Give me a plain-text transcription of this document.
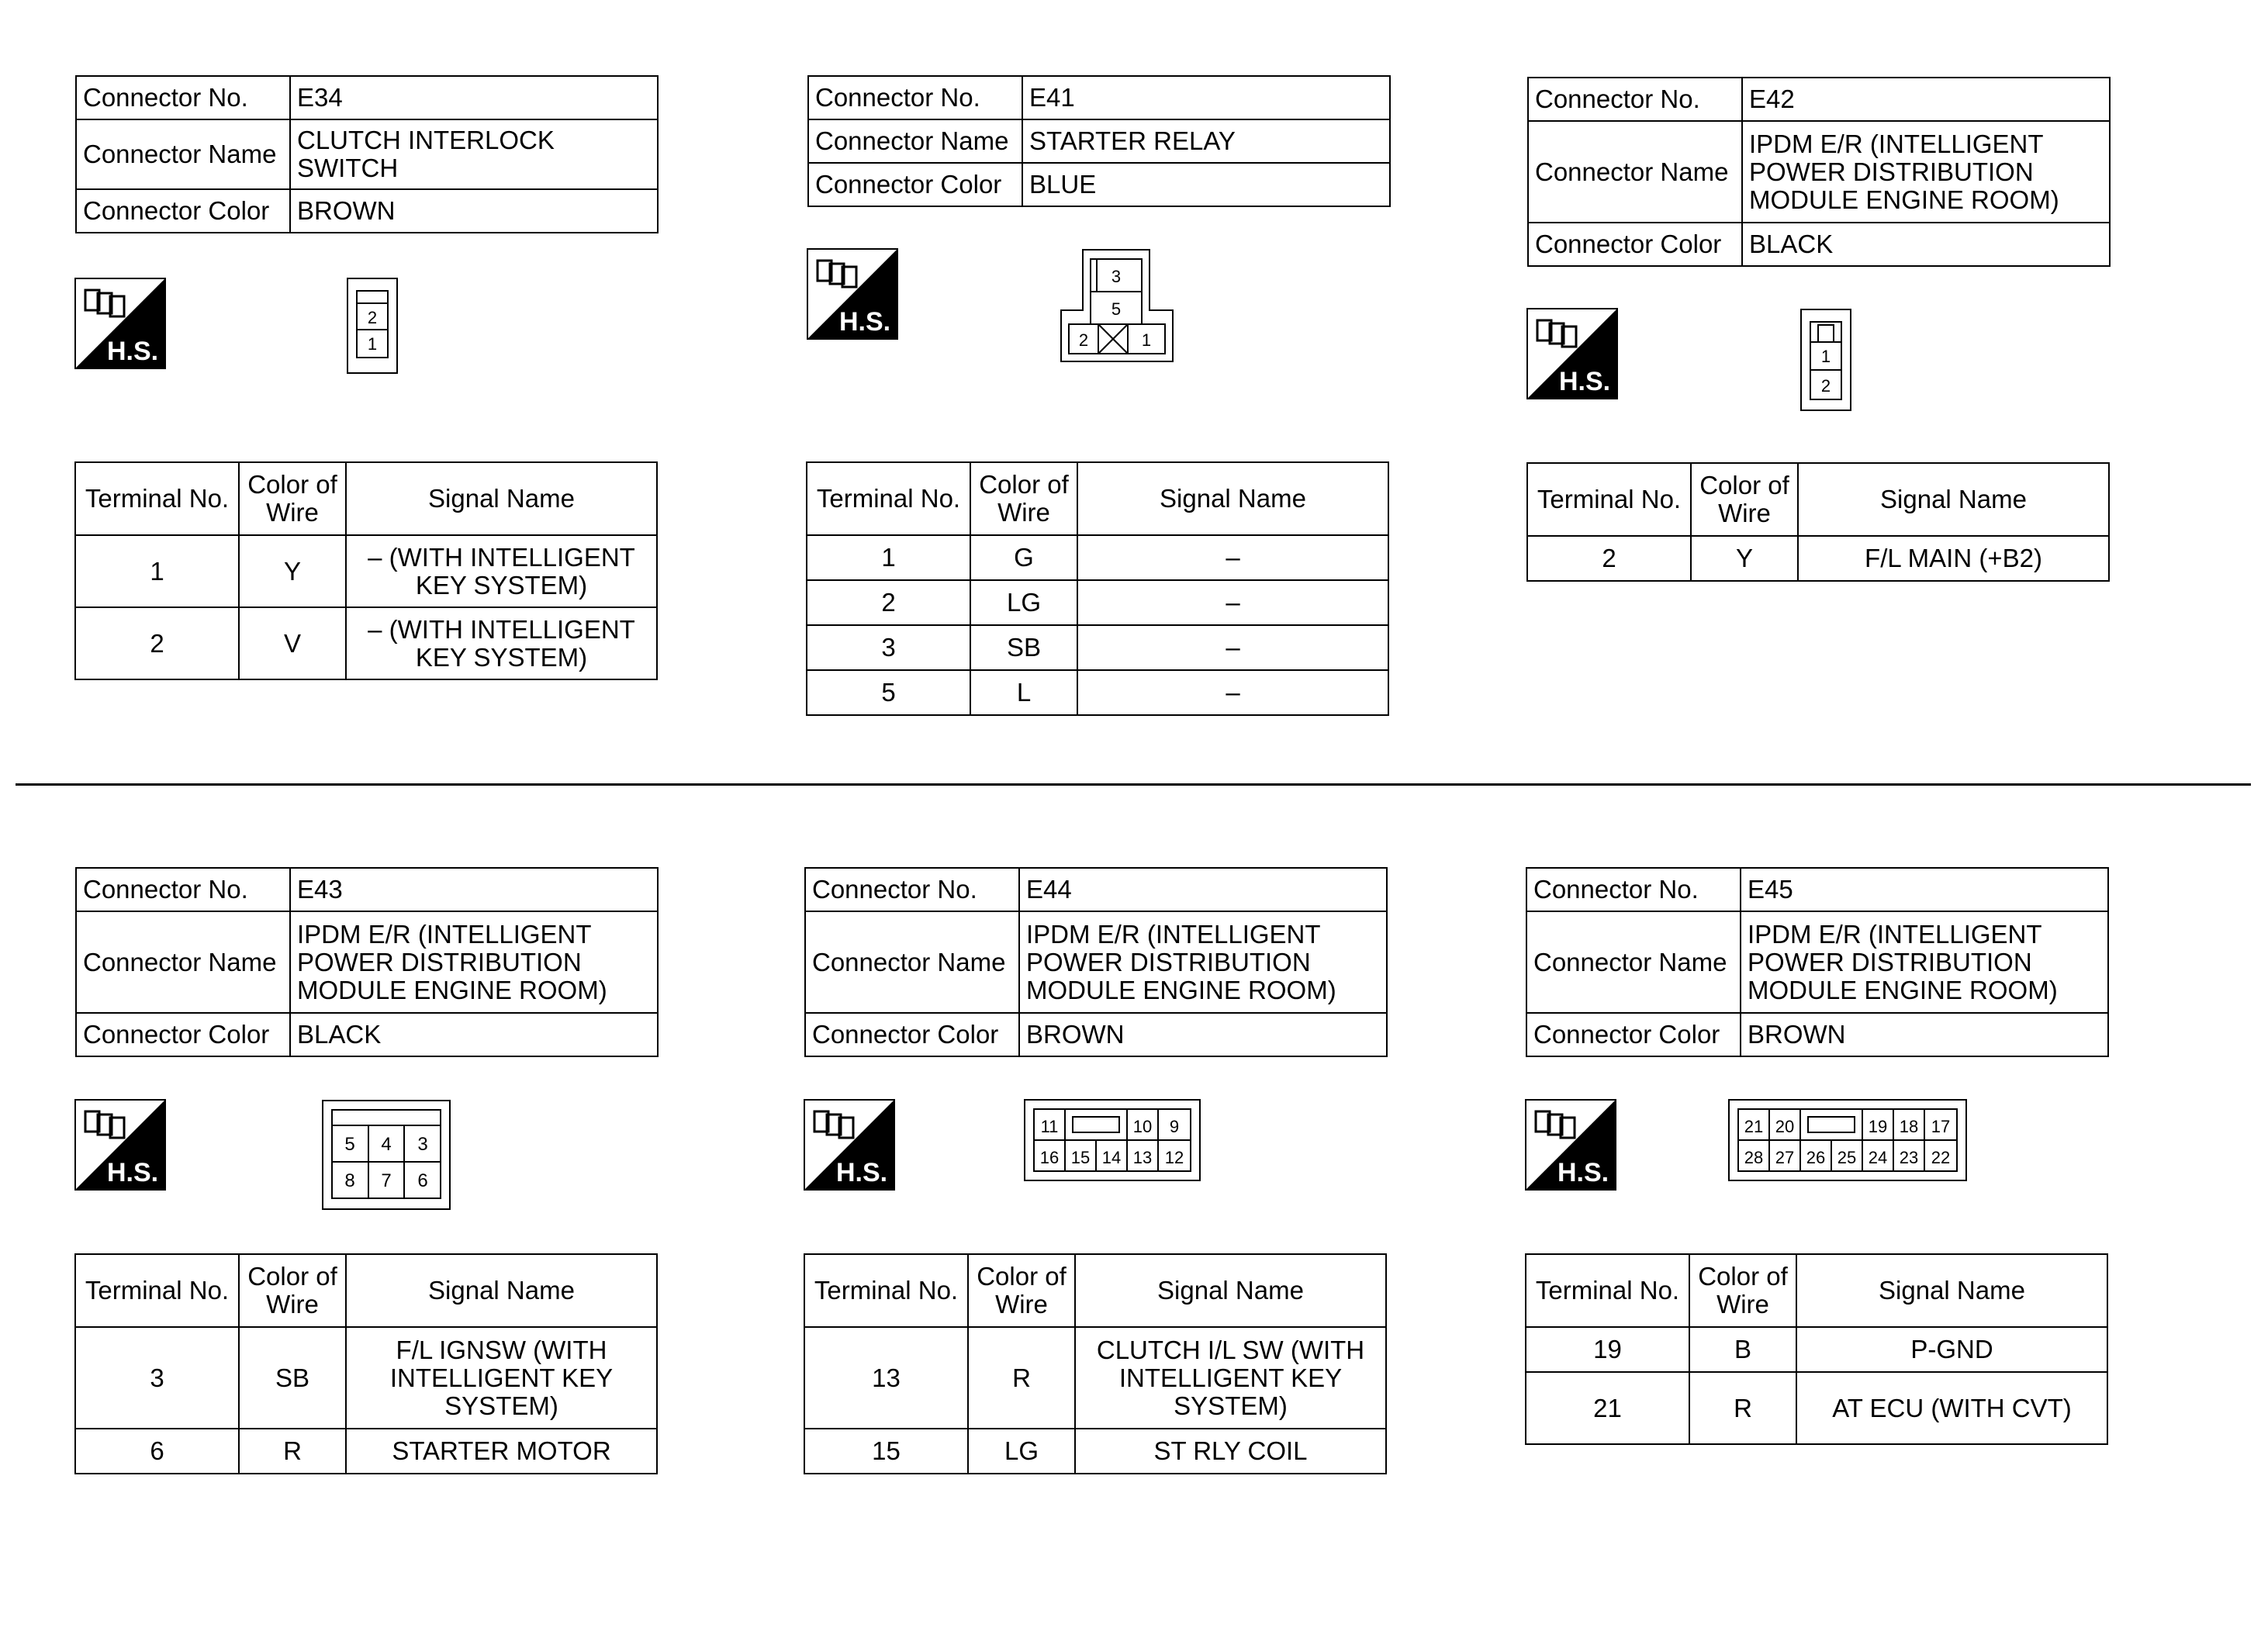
Connector No.	E34
Connector Name	CLUTCH INTERLOCK SWITCH
Connector Color	BROWN
H.S.
2
1
Terminal No.	Color of Wire	Signal Name
1	Y	– (WITH INTELLIGENT KEY SYSTEM)
2	V	– (WITH INTELLIGENT KEY SYSTEM)
Connector No.	E41
Connector Name	STARTER RELAY
Connector Color	BLUE
H.S.
3
5
2	1
Terminal No.	Color of Wire	Signal Name
1	G	–
2	LG	–
3	SB	–
5	L	–
Connector No.	E42
Connector Name	IPDM E/R (INTELLIGENT POWER DISTRIBUTION MODULE ENGINE ROOM)
Connector Color	BLACK
H.S.
1
2
Terminal No.	Color of Wire	Signal Name
2	Y	F/L MAIN (+B2)
Connector No.	E43
Connector Name	IPDM E/R (INTELLIGENT POWER DISTRIBUTION MODULE ENGINE ROOM)
Connector Color	BLACK
H.S.
5 4 3
8 7 6
Terminal No.	Color of Wire	Signal Name
3	SB	F/L IGNSW (WITH INTELLIGENT KEY SYSTEM)
6	R	STARTER MOTOR
Connector No.	E44
Connector Name	IPDM E/R (INTELLIGENT POWER DISTRIBUTION MODULE ENGINE ROOM)
Connector Color	BROWN
H.S.
11	10 9
16 15 14 13 12
Terminal No.	Color of Wire	Signal Name
13	R	CLUTCH I/L SW (WITH INTELLIGENT KEY SYSTEM)
15	LG	ST RLY COIL
Connector No.	E45
Connector Name	IPDM E/R (INTELLIGENT POWER DISTRIBUTION MODULE ENGINE ROOM)
Connector Color	BROWN
H.S.
21 20	19 18 17
28 27 26 25 24 23 22
Terminal No.	Color of Wire	Signal Name
19	B	P-GND
21	R	AT ECU (WITH CVT)
